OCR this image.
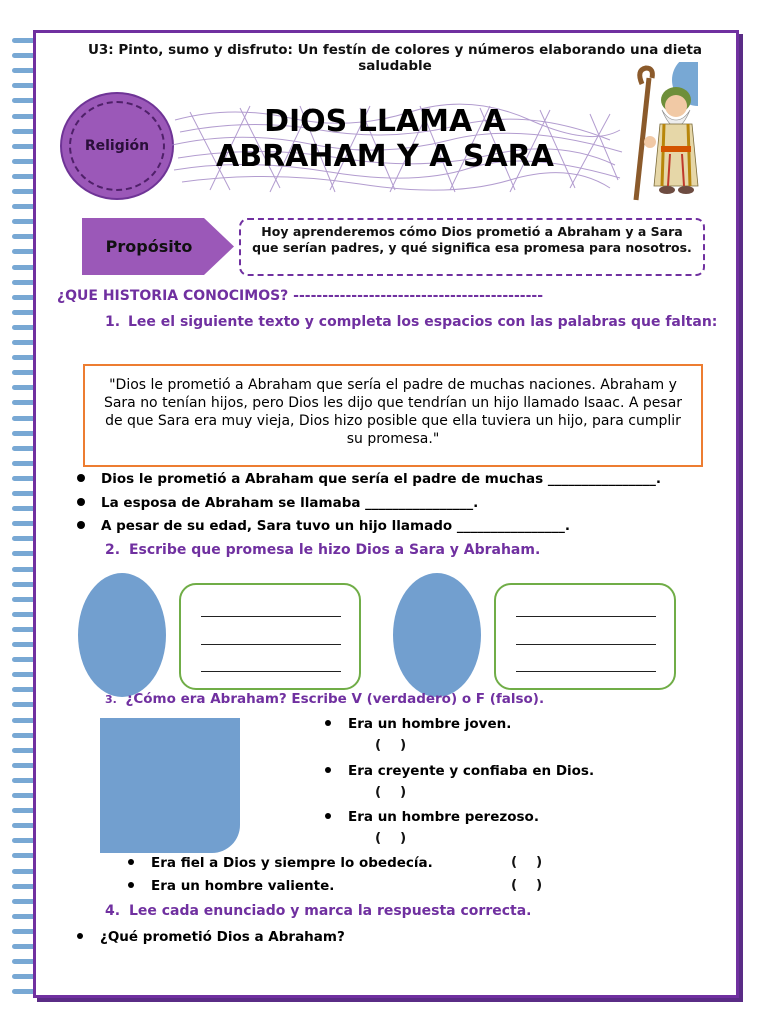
U3: Pinto, sumo y disfruto: Un festín de colores y números elaborando una dieta saludable
Religión
DIOS LLAMA A
ABRAHAM Y A SARA
Propósito
Hoy aprenderemos cómo Dios prometió a Abraham y a Sara que serían padres, y qué significa esa promesa para nosotros.
¿QUE HISTORIA CONOCIMOS? -------------------------------------------
1. Lee el siguiente texto y completa los espacios con las palabras que faltan:
"Dios le prometió a Abraham que sería el padre de muchas naciones. Abraham y Sara no tenían hijos, pero Dios les dijo que tendrían un hijo llamado Isaac. A pesar de que Sara era muy vieja, Dios hizo posible que ella tuviera un hijo, para cumplir su promesa."
Dios le prometió a Abraham que sería el padre de muchas ________________.
La esposa de Abraham se llamaba ________________.
A pesar de su edad, Sara tuvo un hijo llamado ________________.
2. Escribe que promesa le hizo Dios a Sara y Abraham.
3. ¿Cómo era Abraham? Escribe V (verdadero) o F (falso).
Era un hombre joven.
(    )
Era creyente y confiaba en Dios.
(    )
Era un hombre perezoso.
(    )
Era fiel a Dios y siempre lo obedecía.	(    )
Era un hombre valiente.	(    )
4. Lee cada enunciado y marca la respuesta correcta.
¿Qué prometió Dios a Abraham?
